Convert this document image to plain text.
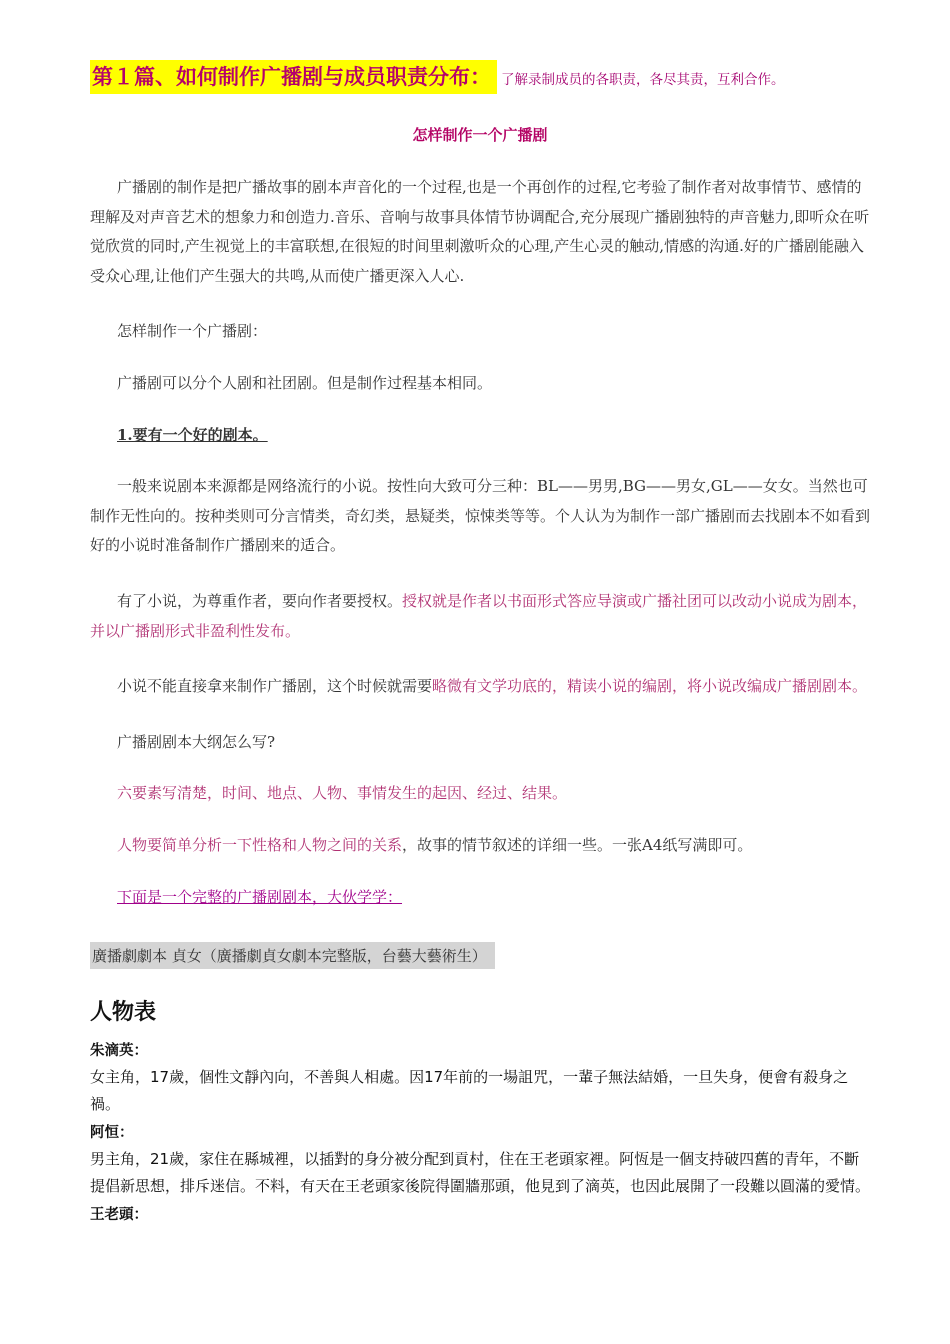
第１篇、如何制作广播剧与成员职责分布： 了解录制成员的各职责，各尽其责，互利合作。
怎样制作一个广播剧

广播剧的制作是把广播故事的剧本声音化的一个过程,也是一个再创作的过程,它考验了制作者对故事情节、感情的理解及对声音艺术的想象力和创造力.音乐、音响与故事具体情节协调配合,充分展现广播剧独特的声音魅力,即听众在听觉欣赏的同时,产生视觉上的丰富联想,在很短的时间里刺激听众的心理,产生心灵的触动,情感的沟通.好的广播剧能融入受众心理,让他们产生强大的共鸣,从而使广播更深入人心.

怎样制作一个广播剧：

广播剧可以分个人剧和社团剧。但是制作过程基本相同。

1.要有一个好的剧本。

一般来说剧本来源都是网络流行的小说。按性向大致可分三种：BL——男男,BG——男女,GL——女女。当然也可制作无性向的。按种类则可分言情类，奇幻类，悬疑类，惊悚类等等。个人认为为制作一部广播剧而去找剧本不如看到好的小说时准备制作广播剧来的适合。

有了小说，为尊重作者，要向作者要授权。授权就是作者以书面形式答应导演或广播社团可以改动小说成为剧本，并以广播剧形式非盈利性发布。

小说不能直接拿来制作广播剧，这个时候就需要略微有文学功底的，精读小说的编剧，将小说改编成广播剧剧本。

广播剧剧本大纲怎么写?

六要素写清楚，时间、地点、人物、事情发生的起因、经过、结果。

人物要简单分析一下性格和人物之间的关系，故事的情节叙述的详细一些。一张A4纸写满即可。

下面是一个完整的广播剧剧本，大伙学学：

廣播劇劇本 貞女（廣播劇貞女劇本完整版，台藝大藝術生）
人物表
朱滴英：
女主角，17歲，個性文靜內向，不善與人相處。因17年前的一場詛咒，一輩子無法結婚，一旦失身，便會有殺身之禍。
阿恒：
男主角，21歲，家住在縣城裡，以插對的身分被分配到貢村，住在王老頭家裡。阿恆是一個支持破四舊的青年，不斷提倡新思想，排斥迷信。不料，有天在王老頭家後院得圍牆那頭，他見到了滴英，也因此展開了一段難以圓滿的愛情。
王老頭：
